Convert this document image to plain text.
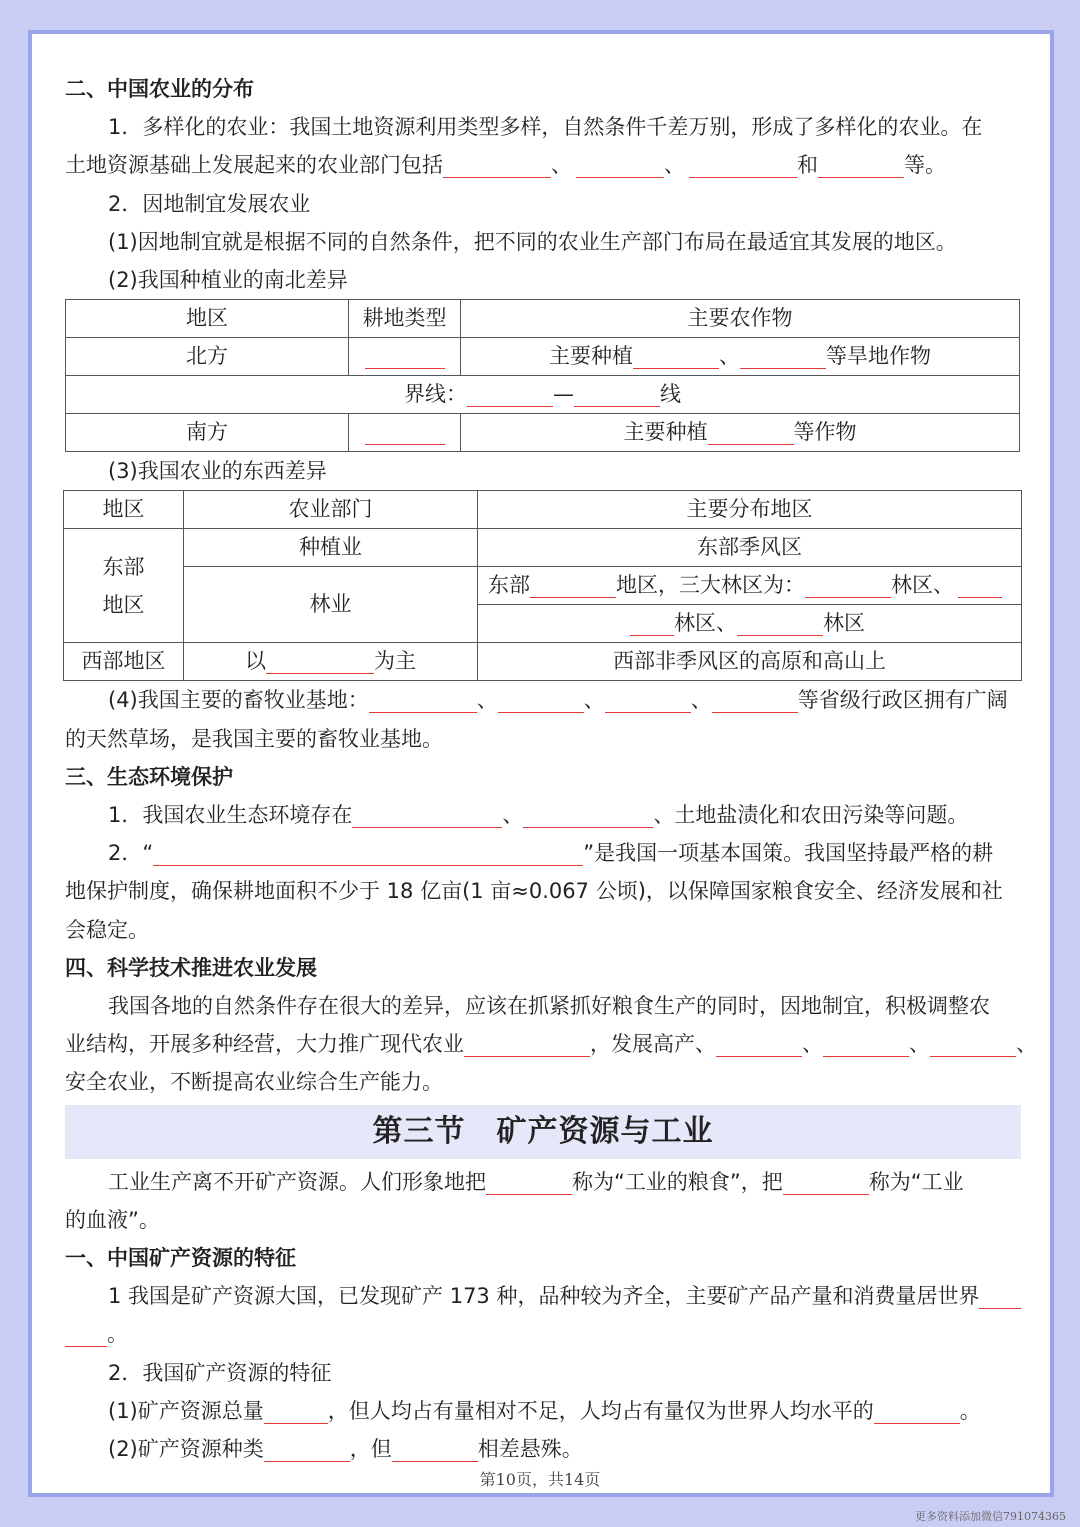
二、中国农业的分布

1．多样化的农业：我国土地资源利用类型多样，自然条件千差万别，形成了多样化的农业。在

土地资源基础上发展起来的农业部门包括	、	、	和	等。

2．因地制宜发展农业

(1)因地制宜就是根据不同的自然条件，把不同的农业生产部门布局在最适宜其发展的地区。

(2)我国种植业的南北差异

地区	耕地类型	主要农作物
北方		主要种植 、 等旱地作物
界线： — 线		
南方		主要种植 等作物

(3)我国农业的东西差异

地区	农业部门	主要分布地区
东部
地区	种植业	东部季风区
	林业	东部 地区，三大林区为： 林区、
		林区、 林区
西部地区	以 为主	西部非季风区的高原和高山上

(4)我国主要的畜牧业基地：	、	、	、	等省级行政区拥有广阔

的天然草场，是我国主要的畜牧业基地。

三、生态环境保护

1．我国农业生态环境存在	、	、土地盐渍化和农田污染等问题。

2．“	”是我国一项基本国策。我国坚持最严格的耕

地保护制度，确保耕地面积不少于 18 亿亩(1 亩≈0.067 公顷)，以保障国家粮食安全、经济发展和社

会稳定。

四、科学技术推进农业发展

我国各地的自然条件存在很大的差异，应该在抓紧抓好粮食生产的同时，因地制宜，积极调整农

业结构，开展多种经营，大力推广现代农业	，发展高产、	、	、	、

安全农业，不断提高农业综合生产能力。

第三节　矿产资源与工业

工业生产离不开矿产资源。人们形象地把	称为“工业的粮食”，把	称为“工业

的血液”。

一、中国矿产资源的特征

1 我国是矿产资源大国，已发现矿产 173 种，品种较为齐全，主要矿产品产量和消费量居世界

。

2．我国矿产资源的特征

(1)矿产资源总量	，但人均占有量相对不足，人均占有量仅为世界人均水平的	。

(2)矿产资源种类	，但	相差悬殊。

第10页，共14页
更多资料添加微信791074365
